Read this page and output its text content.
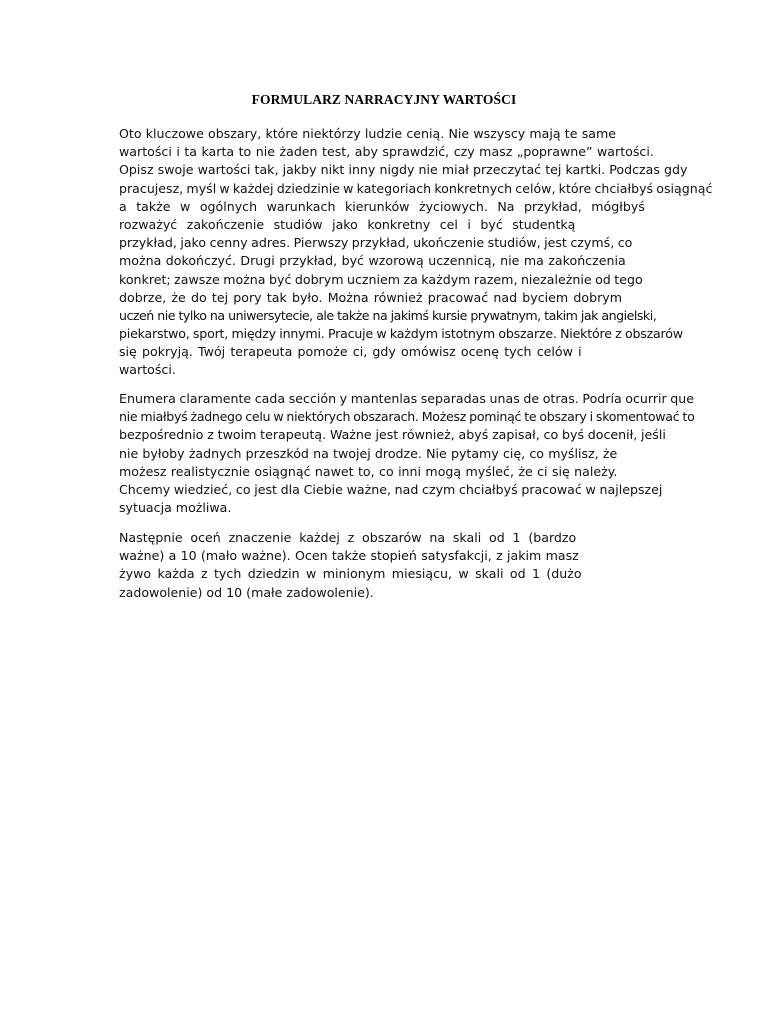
FORMULARZ NARRACYJNY WARTOŚCI
Oto kluczowe obszary, które niektórzy ludzie cenią. Nie wszyscy mają te same
wartości i ta karta to nie żaden test, aby sprawdzić, czy masz „poprawne” wartości.
Opisz swoje wartości tak, jakby nikt inny nigdy nie miał przeczytać tej kartki. Podczas gdy
pracujesz, myśl w każdej dziedzinie w kategoriach konkretnych celów, które chciałbyś osiągnąć
a także w ogólnych warunkach kierunków życiowych. Na przykład, mógłbyś
rozważyć zakończenie studiów jako konkretny cel i być studentką
przykład, jako cenny adres. Pierwszy przykład, ukończenie studiów, jest czymś, co
można dokończyć. Drugi przykład, być wzorową uczennicą, nie ma zakończenia
konkret; zawsze można być dobrym uczniem za każdym razem, niezależnie od tego
dobrze, że do tej pory tak było. Można również pracować nad byciem dobrym
uczeń nie tylko na uniwersytecie, ale także na jakimś kursie prywatnym, takim jak angielski,
piekarstwo, sport, między innymi. Pracuje w każdym istotnym obszarze. Niektóre z obszarów
się pokryją. Twój terapeuta pomoże ci, gdy omówisz ocenę tych celów i
wartości.
Enumera claramente cada sección y mantenlas separadas unas de otras. Podría ocurrir que
nie miałbyś żadnego celu w niektórych obszarach. Możesz pominąć te obszary i skomentować to
bezpośrednio z twoim terapeutą. Ważne jest również, abyś zapisał, co byś docenił, jeśli
nie byłoby żadnych przeszkód na twojej drodze. Nie pytamy cię, co myślisz, że
możesz realistycznie osiągnąć nawet to, co inni mogą myśleć, że ci się należy.
Chcemy wiedzieć, co jest dla Ciebie ważne, nad czym chciałbyś pracować w najlepszej
sytuacja możliwa.
Następnie oceń znaczenie każdej z obszarów na skali od 1 (bardzo
ważne) a 10 (mało ważne). Ocen także stopień satysfakcji, z jakim masz
żywo każda z tych dziedzin w minionym miesiącu, w skali od 1 (dużo
zadowolenie) od 10 (małe zadowolenie).
